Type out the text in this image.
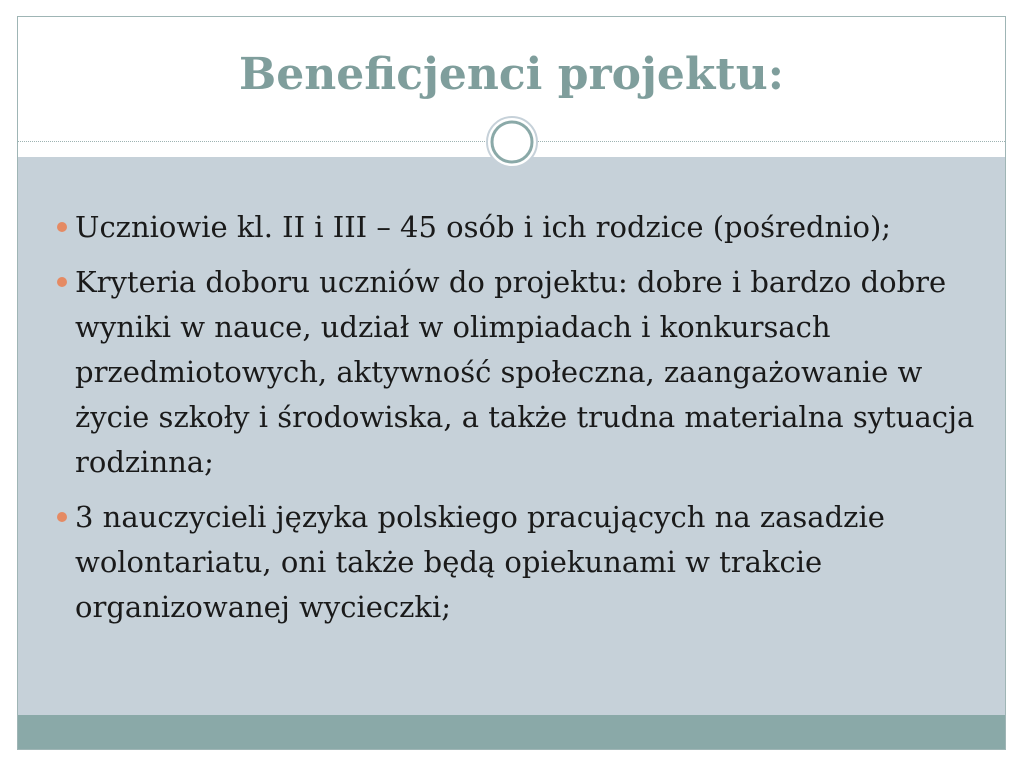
Beneficjenci projektu:
Uczniowie kl. II i III – 45 osób i ich rodzice (pośrednio);
Kryteria doboru uczniów do projektu: dobre i bardzo dobre wyniki w nauce, udział w olimpiadach i konkursach przedmiotowych, aktywność społeczna, zaangażowanie w życie szkoły i środowiska, a także trudna materialna sytuacja rodzinna;
3 nauczycieli języka polskiego pracujących na zasadzie wolontariatu, oni także będą opiekunami w trakcie organizowanej wycieczki;
